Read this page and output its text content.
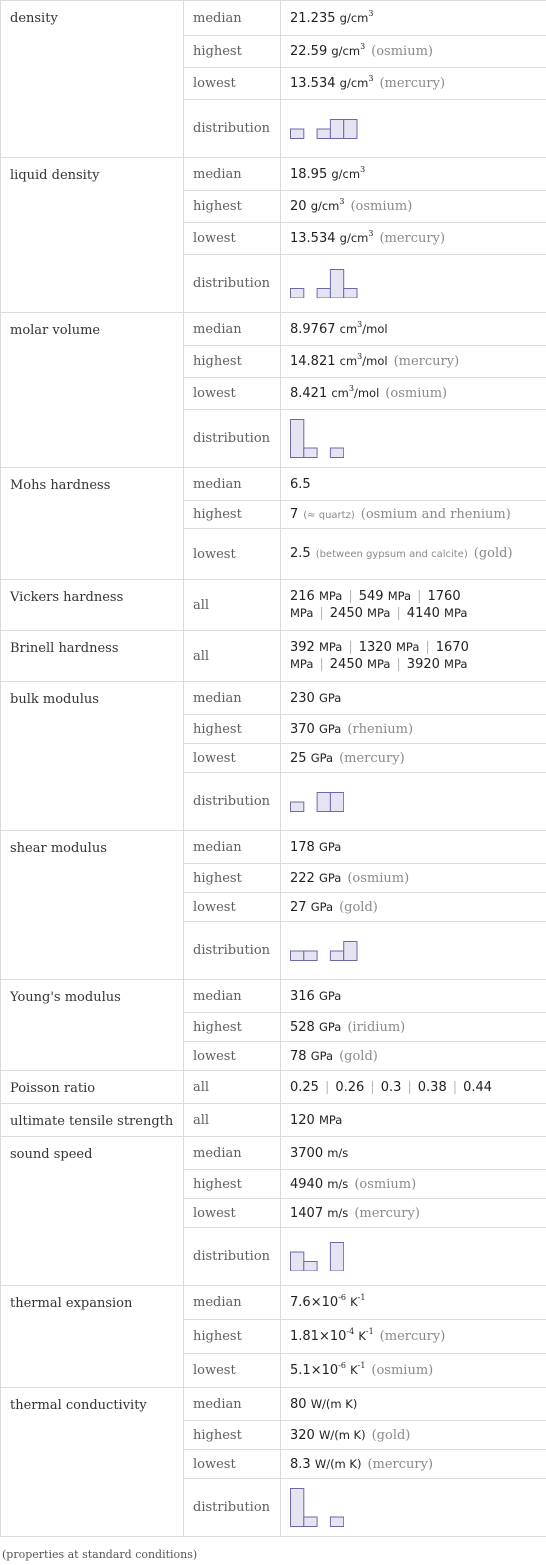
density	median	21.235 $g/cm^3$
	highest	22.59 $g/cm^3$ (osmium)
	lowest	13.534 $g/cm^3$ (mercury)
	distribution	

liquid density	median	18.95 $g/cm^3$
	highest	20 $g/cm^3$ (osmium)
	lowest	13.534 $g/cm^3$ (mercury)
	distribution	

molar volume	median	8.9767 $cm^3$/mol
	highest	14.821 $cm^3$/mol (mercury)
	lowest	8.421 $cm^3$/mol (osmium)
	distribution	

Mohs hardness	median	6.5
	highest	7 (≈ quartz) (osmium and rhenium)
	lowest	2.5 (between gypsum and calcite) (gold)
Vickers hardness	all	216 MPa | 549 MPa | 1760 MPa | 2450 MPa | 4140 MPa
Brinell hardness	all	392 MPa | 1320 MPa | 1670 MPa | 2450 MPa | 3920 MPa
bulk modulus	median	230 GPa
	highest	370 GPa (rhenium)
	lowest	25 GPa (mercury)
	distribution	

shear modulus	median	178 GPa
	highest	222 GPa (osmium)
	lowest	27 GPa (gold)
	distribution	

Young's modulus	median	316 GPa
	highest	528 GPa (iridium)
	lowest	78 GPa (gold)
Poisson ratio	all	0.25 | 0.26 | 0.3 | 0.38 | 0.44
ultimate tensile strength	all	120 MPa
sound speed	median	3700 m/s
	highest	4940 m/s (osmium)
	lowest	1407 m/s (mercury)
	distribution	

thermal expansion	median	$7.6\times 10^{-6}$ $K^{-1}$
	highest	$1.81\times 10^{-4}$ $K^{-1}$ (mercury)
	lowest	$5.1\times 10^{-6}$ $K^{-1}$ (osmium)
thermal conductivity	median	80 W/(m K)
	highest	320 W/(m K) (gold)
	lowest	8.3 W/(m K) (mercury)
	distribution	
(properties at standard conditions)
